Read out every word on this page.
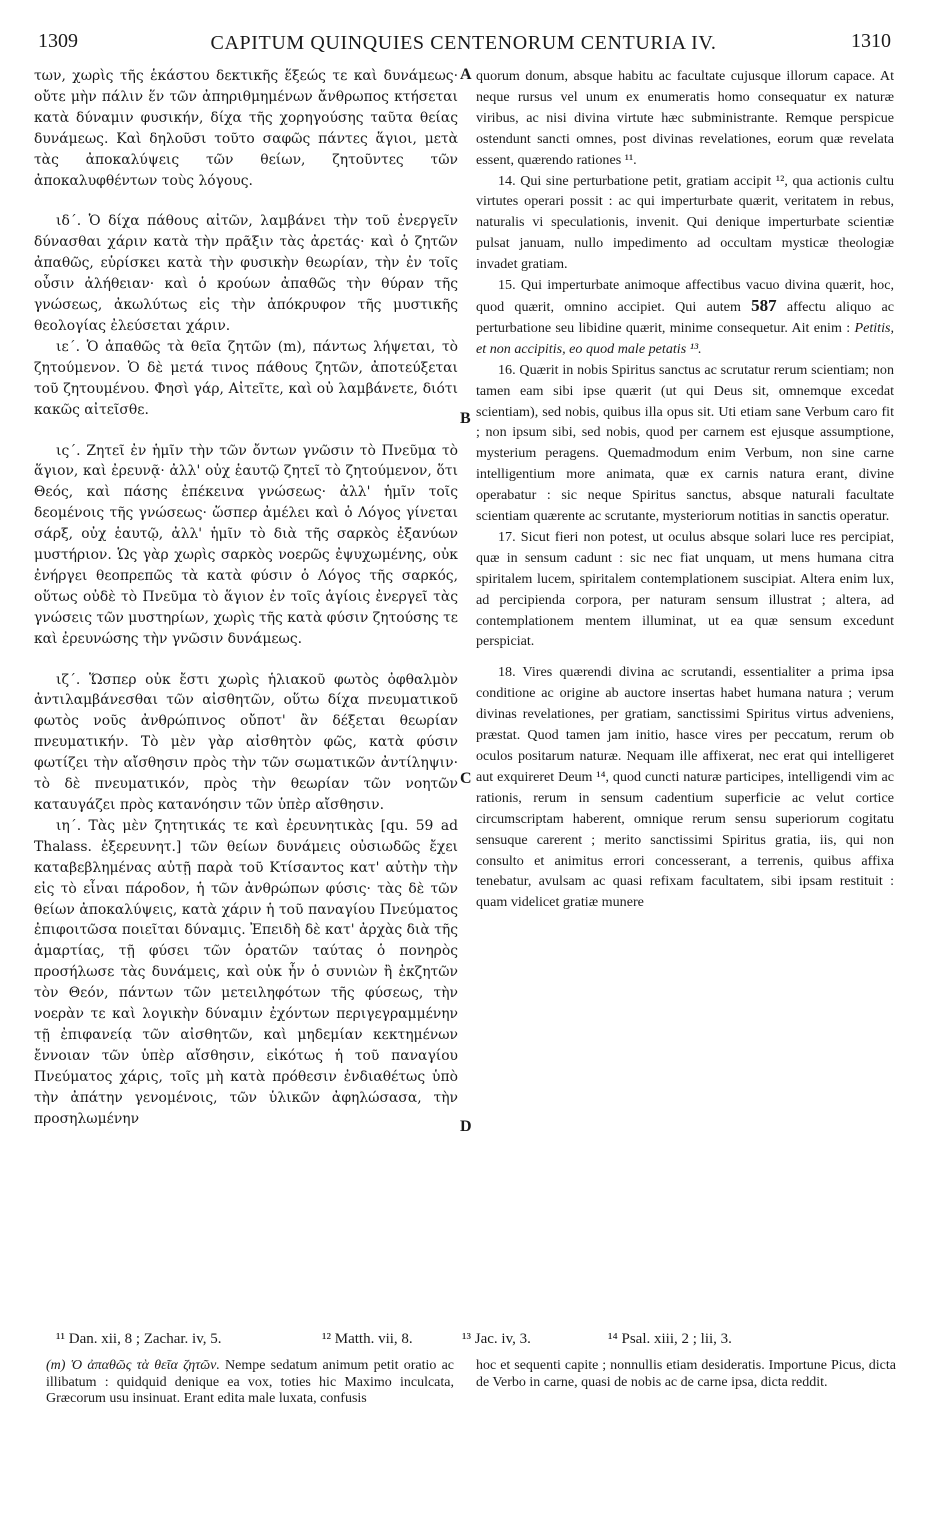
1309	CAPITUM QUINQUIES CENTENORUM CENTURIA IV.	1310
A
B
C
D

των, χωρὶς τῆς ἑκάστου δεκτικῆς ἕξεώς τε καὶ δυνάμεως· οὔτε μὴν πάλιν ἕν τῶν ἀπηριθμημένων ἄνθρωπος κτήσεται κατὰ δύναμιν φυσικήν, δίχα τῆς χορηγούσης ταῦτα θείας δυνάμεως. Καὶ δηλοῦσι τοῦτο σαφῶς πάντες ἅγιοι, μετὰ τὰς ἀποκαλύψεις τῶν θείων, ζητοῦντες τῶν ἀποκαλυφθέντων τοὺς λόγους.

ιδ΄. Ὁ δίχα πάθους αἰτῶν, λαμβάνει τὴν τοῦ ἐνεργεῖν δύνασθαι χάριν κατὰ τὴν πρᾶξιν τὰς ἀρετάς· καὶ ὁ ζητῶν ἀπαθῶς, εὑρίσκει κατὰ τὴν φυσικὴν θεωρίαν, τὴν ἐν τοῖς οὖσιν ἀλήθειαν· καὶ ὁ κρούων ἀπαθῶς τὴν θύραν τῆς γνώσεως, ἀκωλύτως εἰς τὴν ἀπόκρυφον τῆς μυστικῆς θεολογίας ἐλεύσεται χάριν.

ιε΄. Ὁ ἀπαθῶς τὰ θεῖα ζητῶν (m), πάντως λήψεται, τὸ ζητούμενον. Ὁ δὲ μετά τινος πάθους ζητῶν, ἀποτεύξεται τοῦ ζητουμένου. Φησὶ γάρ, Αἰτεῖτε, καὶ οὐ λαμβάνετε, διότι κακῶς αἰτεῖσθε.

ις΄. Ζητεῖ ἐν ἡμῖν τὴν τῶν ὄντων γνῶσιν τὸ Πνεῦμα τὸ ἅγιον, καὶ ἐρευνᾷ· ἀλλ' οὐχ ἑαυτῷ ζητεῖ τὸ ζητούμενον, ὅτι Θεός, καὶ πάσης ἐπέκεινα γνώσεως· ἀλλ' ἡμῖν τοῖς δεομένοις τῆς γνώσεως· ὥσπερ ἀμέλει καὶ ὁ Λόγος γίνεται σάρξ, οὐχ ἑαυτῷ, ἀλλ' ἡμῖν τὸ διὰ τῆς σαρκὸς ἐξανύων μυστήριον. Ὡς γὰρ χωρὶς σαρκὸς νοερῶς ἐψυχωμένης, οὐκ ἐνήργει θεοπρεπῶς τὰ κατὰ φύσιν ὁ Λόγος τῆς σαρκός, οὕτως οὐδὲ τὸ Πνεῦμα τὸ ἅγιον ἐν τοῖς ἁγίοις ἐνεργεῖ τὰς γνώσεις τῶν μυστηρίων, χωρὶς τῆς κατὰ φύσιν ζητούσης τε καὶ ἐρευνώσης τὴν γνῶσιν δυνάμεως.

ιζ΄. Ὥσπερ οὐκ ἔστι χωρὶς ἡλιακοῦ φωτὸς ὀφθαλμὸν ἀντιλαμβάνεσθαι τῶν αἰσθητῶν, οὕτω δίχα πνευματικοῦ φωτὸς νοῦς ἀνθρώπινος οὔποτ' ἂν δέξεται θεωρίαν πνευματικήν. Τὸ μὲν γὰρ αἰσθητὸν φῶς, κατὰ φύσιν φωτίζει τὴν αἴσθησιν πρὸς τὴν τῶν σωματικῶν ἀντίληψιν· τὸ δὲ πνευματικόν, πρὸς τὴν θεωρίαν τῶν νοητῶν καταυγάζει πρὸς κατανόησιν τῶν ὑπὲρ αἴσθησιν.

ιη΄. Τὰς μὲν ζητητικάς τε καὶ ἐρευνητικὰς [qu. 59 ad Thalass. ἐξερευνητ.] τῶν θείων δυνάμεις οὐσιωδῶς ἔχει καταβεβλημένας αὐτῇ παρὰ τοῦ Κτίσαντος κατ' αὐτὴν τὴν εἰς τὸ εἶναι πάροδον, ἡ τῶν ἀνθρώπων φύσις· τὰς δὲ τῶν θείων ἀποκαλύψεις, κατὰ χάριν ἡ τοῦ παναγίου Πνεύματος ἐπιφοιτῶσα ποιεῖται δύναμις. Ἐπειδὴ δὲ κατ' ἀρχὰς διὰ τῆς ἁμαρτίας, τῇ φύσει τῶν ὁρατῶν ταύτας ὁ πονηρὸς προσήλωσε τὰς δυνάμεις, καὶ οὐκ ἦν ὁ συνιὼν ἢ ἐκζητῶν τὸν Θεόν, πάντων τῶν μετειληφότων τῆς φύσεως, τὴν νοερὰν τε καὶ λογικὴν δύναμιν ἐχόντων περιγεγραμμένην τῇ ἐπιφανείᾳ τῶν αἰσθητῶν, καὶ μηδεμίαν κεκτημένων ἔννοιαν τῶν ὑπὲρ αἴσθησιν, εἰκότως ἡ τοῦ παναγίου Πνεύματος χάρις, τοῖς μὴ κατὰ πρόθεσιν ἐνδιαθέτως ὑπὸ τὴν ἀπάτην γενομένοις, τῶν ὑλικῶν ἀφηλώσασα, τὴν προσηλωμένην

quorum donum, absque habitu ac facultate cujusque illorum capace. At neque rursus vel unum ex enumeratis homo consequatur ex naturæ viribus, ac nisi divina virtute hæc subministrante. Remque perspicue ostendunt sancti omnes, post divinas revelationes, eorum quæ revelata essent, quærendo rationes ¹¹.

14. Qui sine perturbatione petit, gratiam accipit ¹², qua actionis cultu virtutes operari possit : ac qui imperturbate quærit, veritatem in rebus, naturalis vi speculationis, invenit. Qui denique imperturbate scientiæ pulsat januam, nullo impedimento ad occultam mysticæ theologiæ invadet gratiam.

15. Qui imperturbate animoque affectibus vacuo divina quærit, hoc, quod quærit, omnino accipiet. Qui autem 587 affectu aliquo ac perturbatione seu libidine quærit, minime consequetur. Ait enim : Petitis, et non accipitis, eo quod male petatis ¹³.

16. Quærit in nobis Spiritus sanctus ac scrutatur rerum scientiam; non tamen eam sibi ipse quærit (ut qui Deus sit, omnemque excedat scientiam), sed nobis, quibus illa opus sit. Uti etiam sane Verbum caro fit ; non ipsum sibi, sed nobis, quod per carnem est ejusque assumptione, mysterium peragens. Quemadmodum enim Verbum, non sine carne intelligentium more animata, quæ ex carnis natura erant, divine operabatur : sic neque Spiritus sanctus, absque naturali facultate scientiam quærente ac scrutante, mysteriorum notitias in sanctis operatur.

17. Sicut fieri non potest, ut oculus absque solari luce res percipiat, quæ in sensum cadunt : sic nec fiat unquam, ut mens humana citra spiritalem lucem, spiritalem contemplationem suscipiat. Altera enim lux, ad percipienda corpora, per naturam sensum illustrat ; altera, ad contemplationem mentem illuminat, ut ea quæ sensum excedunt perspiciat.

18. Vires quærendi divina ac scrutandi, essentialiter a prima ipsa conditione ac origine ab auctore insertas habet humana natura ; verum divinas revelationes, per gratiam, sanctissimi Spiritus virtus adveniens, præstat. Quod tamen jam initio, hasce vires per peccatum, rerum ob oculos positarum naturæ. Nequam ille affixerat, nec erat qui intelligeret aut exquireret Deum ¹⁴, quod cuncti naturæ participes, intelligendi vim ac rationis, rerum in sensum cadentium superficie ac velut cortice circumscriptam haberent, omnique rerum sensu superiorum cogitatu sensuque carerent ; merito sanctissimi Spiritus gratia, iis, qui non consulto et animitus errori concesserant, a terrenis, quibus affixa tenebatur, avulsam ac quasi refixam facultatem, sibi ipsam restituit : quam videlicet gratiæ munere

¹¹ Dan. xii, 8 ; Zachar. iv, 5.	¹² Matth. vii, 8.	¹³ Jac. iv, 3.	¹⁴ Psal. xiii, 2 ; lii, 3.
(m) Ὁ ἀπαθῶς τὰ θεῖα ζητῶν. Nempe sedatum animum petit oratio ac illibatum : quidquid denique ea vox, toties hic Maximo inculcata, Græcorum usu insinuat. Erant edita male luxata, confusis
hoc et sequenti capite ; nonnullis etiam desideratis. Importune Picus, dicta de Verbo in carne, quasi de nobis ac de carne ipsa, dicta reddit.
